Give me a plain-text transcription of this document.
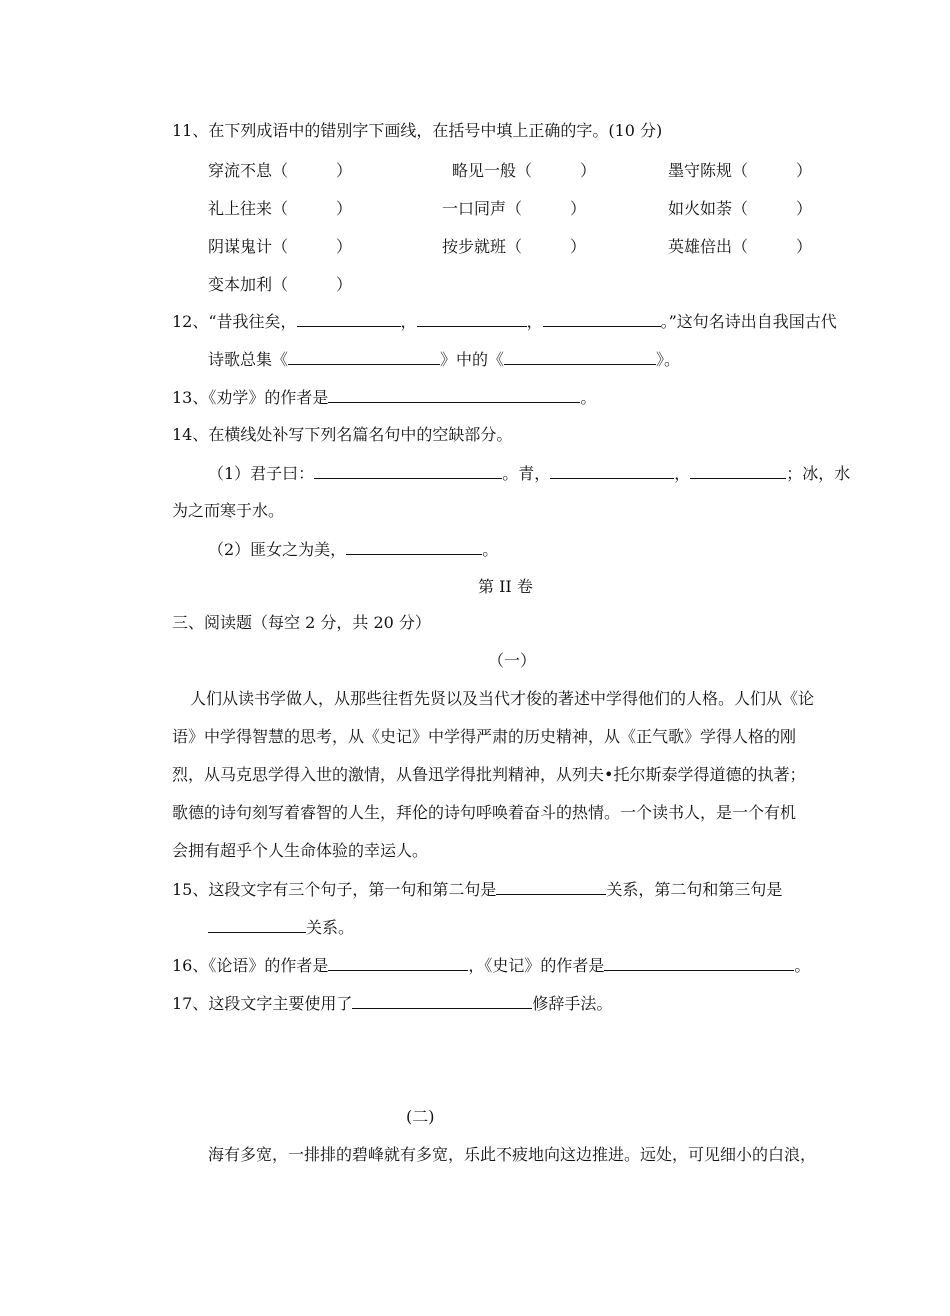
11、在下列成语中的错别字下画线，在括号中填上正确的字。(10 分)
穿流不息（　　　）	略见一般（　　　）	墨守陈规（　　　）
礼上往来（　　　）	一口同声（　　　）	如火如荼（　　　）
阴谋鬼计（　　　）	按步就班（　　　）	英雄倍出（　　　）
变本加利（　　　）
12、“昔我往矣，	，	，	。”这句名诗出自我国古代
诗歌总集《	》中的《	》。
13、《劝学》的作者是	。
14、在横线处补写下列名篇名句中的空缺部分。
（1）君子曰：	。青，	，	；冰，水
为之而寒于水。
（2）匪女之为美，	。
第 II 卷
三、阅读题（每空 2 分，共 20 分）
（一）
人们从读书学做人，从那些往哲先贤以及当代才俊的著述中学得他们的人格。人们从《论
语》中学得智慧的思考，从《史记》中学得严肃的历史精神，从《正气歌》学得人格的刚
烈，从马克思学得入世的激情，从鲁迅学得批判精神，从列夫•托尔斯泰学得道德的执著；
歌德的诗句刻写着睿智的人生，拜伦的诗句呼唤着奋斗的热情。一个读书人，是一个有机
会拥有超乎个人生命体验的幸运人。
15、这段文字有三个句子，第一句和第二句是	关系，第二句和第三句是
关系。
16、《论语》的作者是	，《史记》的作者是	。
17、这段文字主要使用了	修辞手法。
(二)
海有多宽，一排排的碧峰就有多宽，乐此不疲地向这边推进。远处，可见细小的白浪，
